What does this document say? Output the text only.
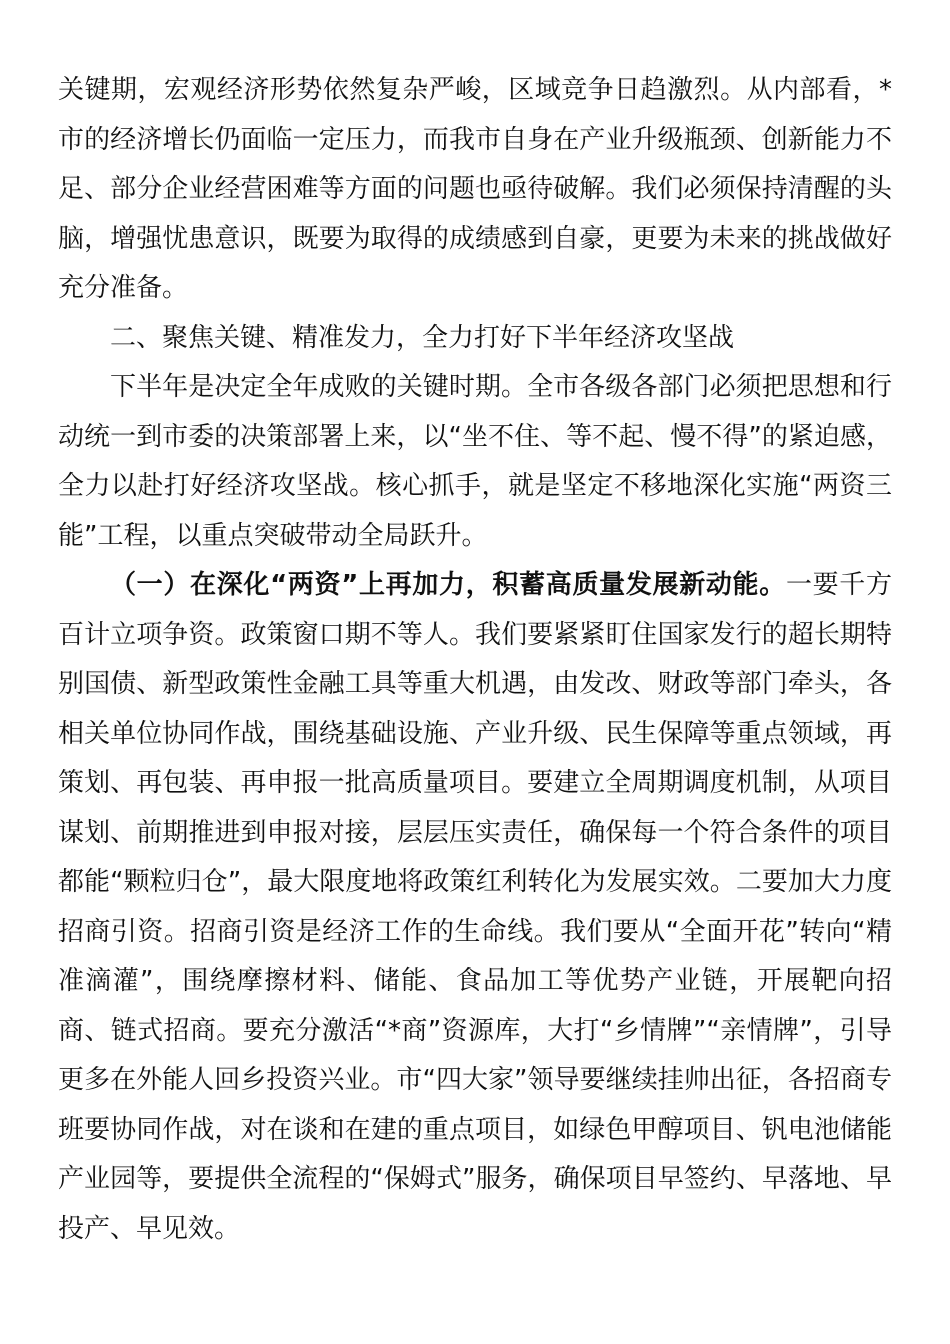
关键期，宏观经济形势依然复杂严峻，区域竞争日趋激烈。从内部看，*市的经济增长仍面临一定压力，而我市自身在产业升级瓶颈、创新能力不足、部分企业经营困难等方面的问题也亟待破解。我们必须保持清醒的头脑，增强忧患意识，既要为取得的成绩感到自豪，更要为未来的挑战做好充分准备。

二、聚焦关键、精准发力，全力打好下半年经济攻坚战

下半年是决定全年成败的关键时期。全市各级各部门必须把思想和行动统一到市委的决策部署上来，以“坐不住、等不起、慢不得”的紧迫感，全力以赴打好经济攻坚战。核心抓手，就是坚定不移地深化实施“两资三能”工程，以重点突破带动全局跃升。

（一）在深化“两资”上再加力，积蓄高质量发展新动能。一要千方百计立项争资。政策窗口期不等人。我们要紧紧盯住国家发行的超长期特别国债、新型政策性金融工具等重大机遇，由发改、财政等部门牵头，各相关单位协同作战，围绕基础设施、产业升级、民生保障等重点领域，再策划、再包装、再申报一批高质量项目。要建立全周期调度机制，从项目谋划、前期推进到申报对接，层层压实责任，确保每一个符合条件的项目都能“颗粒归仓”，最大限度地将政策红利转化为发展实效。二要加大力度招商引资。招商引资是经济工作的生命线。我们要从“全面开花”转向“精准滴灌”，围绕摩擦材料、储能、食品加工等优势产业链，开展靶向招商、链式招商。要充分激活“*商”资源库，大打“乡情牌”“亲情牌”，引导更多在外能人回乡投资兴业。市“四大家”领导要继续挂帅出征，各招商专班要协同作战，对在谈和在建的重点项目，如绿色甲醇项目、钒电池储能产业园等，要提供全流程的“保姆式”服务，确保项目早签约、早落地、早投产、早见效。
